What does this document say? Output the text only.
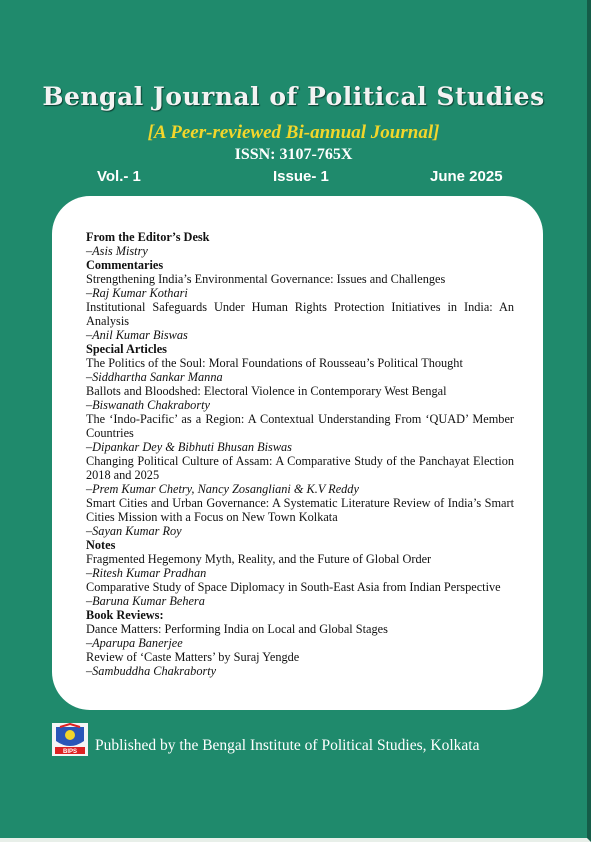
Bengal Journal of Political Studies
[A Peer-reviewed Bi-annual Journal]
ISSN: 3107-765X
Vol.- 1	Issue- 1	June 2025
From the Editor’s Desk
–Asis Mistry
Commentaries
Strengthening India’s Environmental Governance: Issues and Challenges
–Raj Kumar Kothari
Institutional Safeguards Under Human Rights Protection Initiatives in India: An Analysis
–Anil Kumar Biswas
Special Articles
The Politics of the Soul: Moral Foundations of Rousseau’s Political Thought
–Siddhartha Sankar Manna
Ballots and Bloodshed: Electoral Violence in Contemporary West Bengal
–Biswanath Chakraborty
The ‘Indo-Pacific’ as a Region: A Contextual Understanding From ‘QUAD’ Member Countries
–Dipankar Dey & Bibhuti Bhusan Biswas
Changing Political Culture of Assam: A Comparative Study of the Panchayat Election 2018 and 2025
–Prem Kumar Chetry, Nancy Zosangliani & K.V Reddy
Smart Cities and Urban Governance: A Systematic Literature Review of India’s Smart Cities Mission with a Focus on New Town Kolkata
–Sayan Kumar Roy
Notes
Fragmented Hegemony Myth, Reality, and the Future of Global Order
–Ritesh Kumar Pradhan
Comparative Study of Space Diplomacy in South-East Asia from Indian Perspective
–Baruna Kumar Behera
Book Reviews:
Dance Matters: Performing India on Local and Global Stages
–Aparupa Banerjee
Review of ‘Caste Matters’ by Suraj Yengde
–Sambuddha Chakraborty
BIPS Published by the Bengal Institute of Political Studies, Kolkata
